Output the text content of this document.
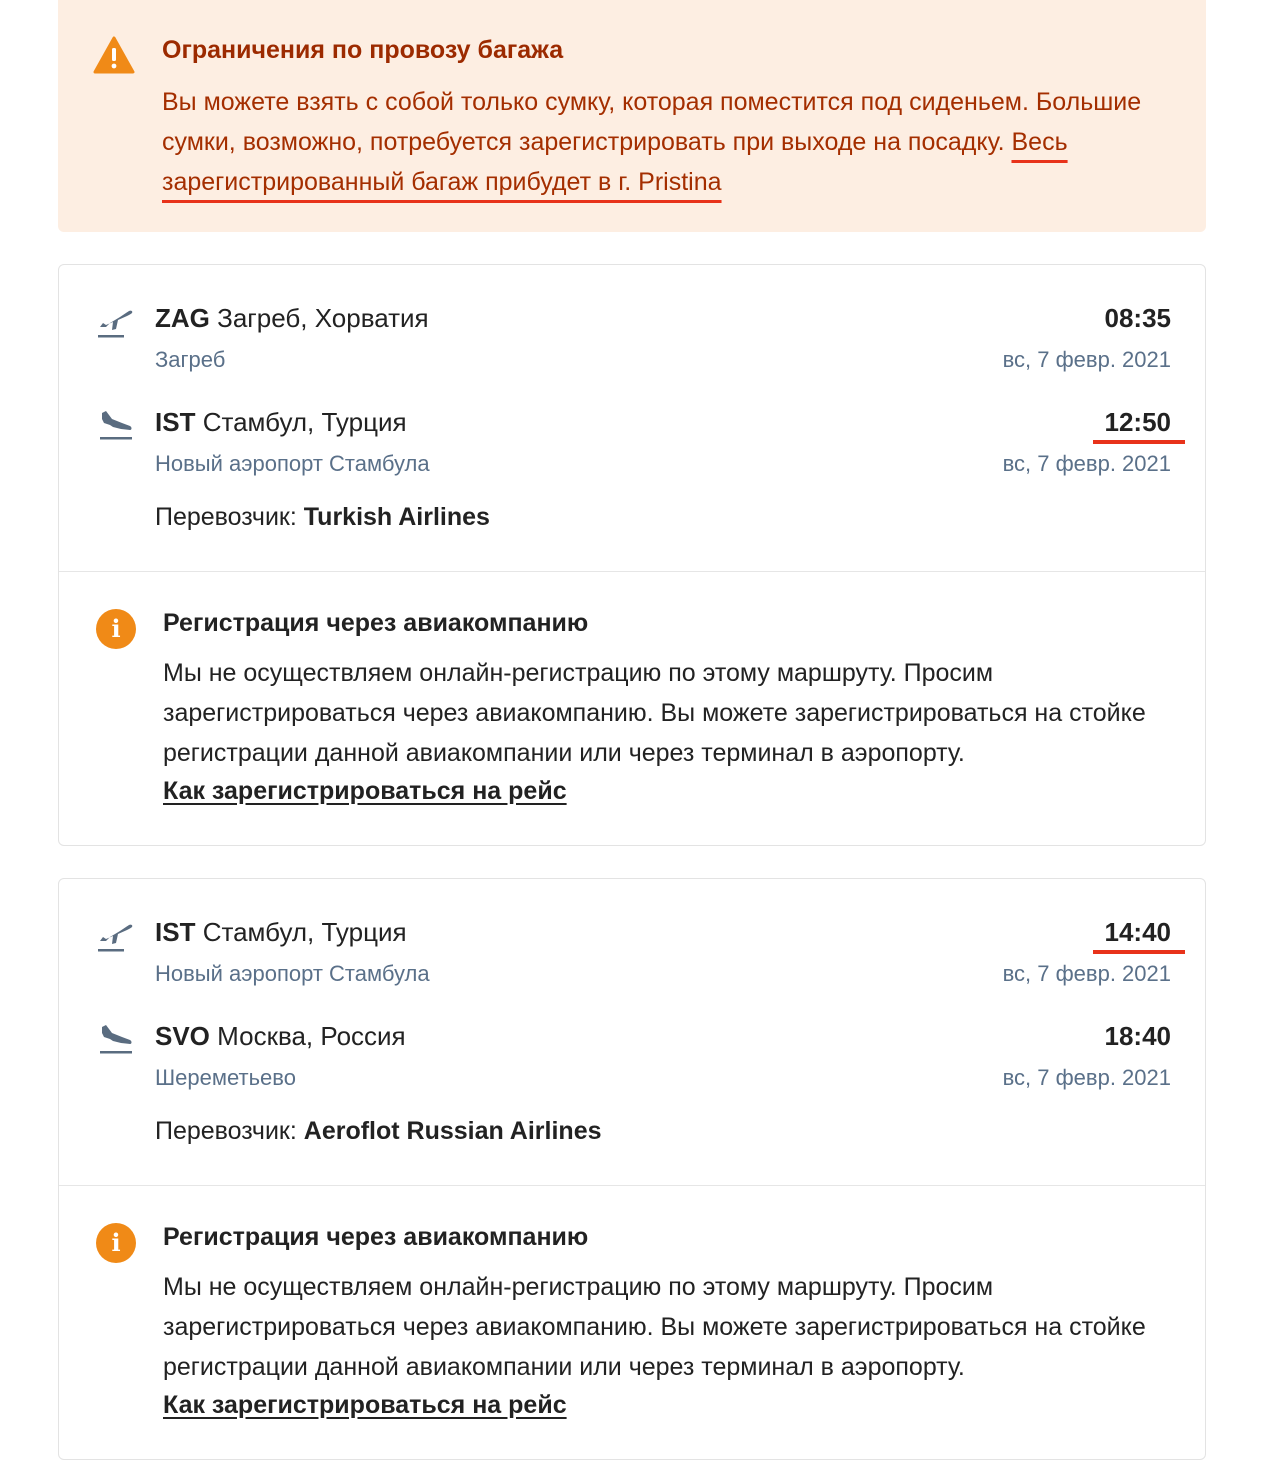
Ограничения по провозу багажа
Вы можете взять с собой только сумку, которая поместится под сиденьем. Большие сумки, возможно, потребуется зарегистрировать при выходе на посадку. Весь зарегистрированный багаж прибудет в г. Pristina
ZAG Загреб, Хорватия
Загреб
08:35
вс, 7 февр. 2021
IST Стамбул, Турция
Новый аэропорт Стамбула
12:50
вс, 7 февр. 2021
Перевозчик: Turkish Airlines
i	Регистрация через авиакомпанию
Мы не осуществляем онлайн-регистрацию по этому маршруту. Просим зарегистрироваться через авиакомпанию. Вы можете зарегистрироваться на стойке регистрации данной авиакомпании или через терминал в аэропорту.
Как зарегистрироваться на рейс
IST Стамбул, Турция
Новый аэропорт Стамбула
14:40
вс, 7 февр. 2021
SVO Москва, Россия
Шереметьево
18:40
вс, 7 февр. 2021
Перевозчик: Aeroflot Russian Airlines
i	Регистрация через авиакомпанию
Мы не осуществляем онлайн-регистрацию по этому маршруту. Просим зарегистрироваться через авиакомпанию. Вы можете зарегистрироваться на стойке регистрации данной авиакомпании или через терминал в аэропорту.
Как зарегистрироваться на рейс
